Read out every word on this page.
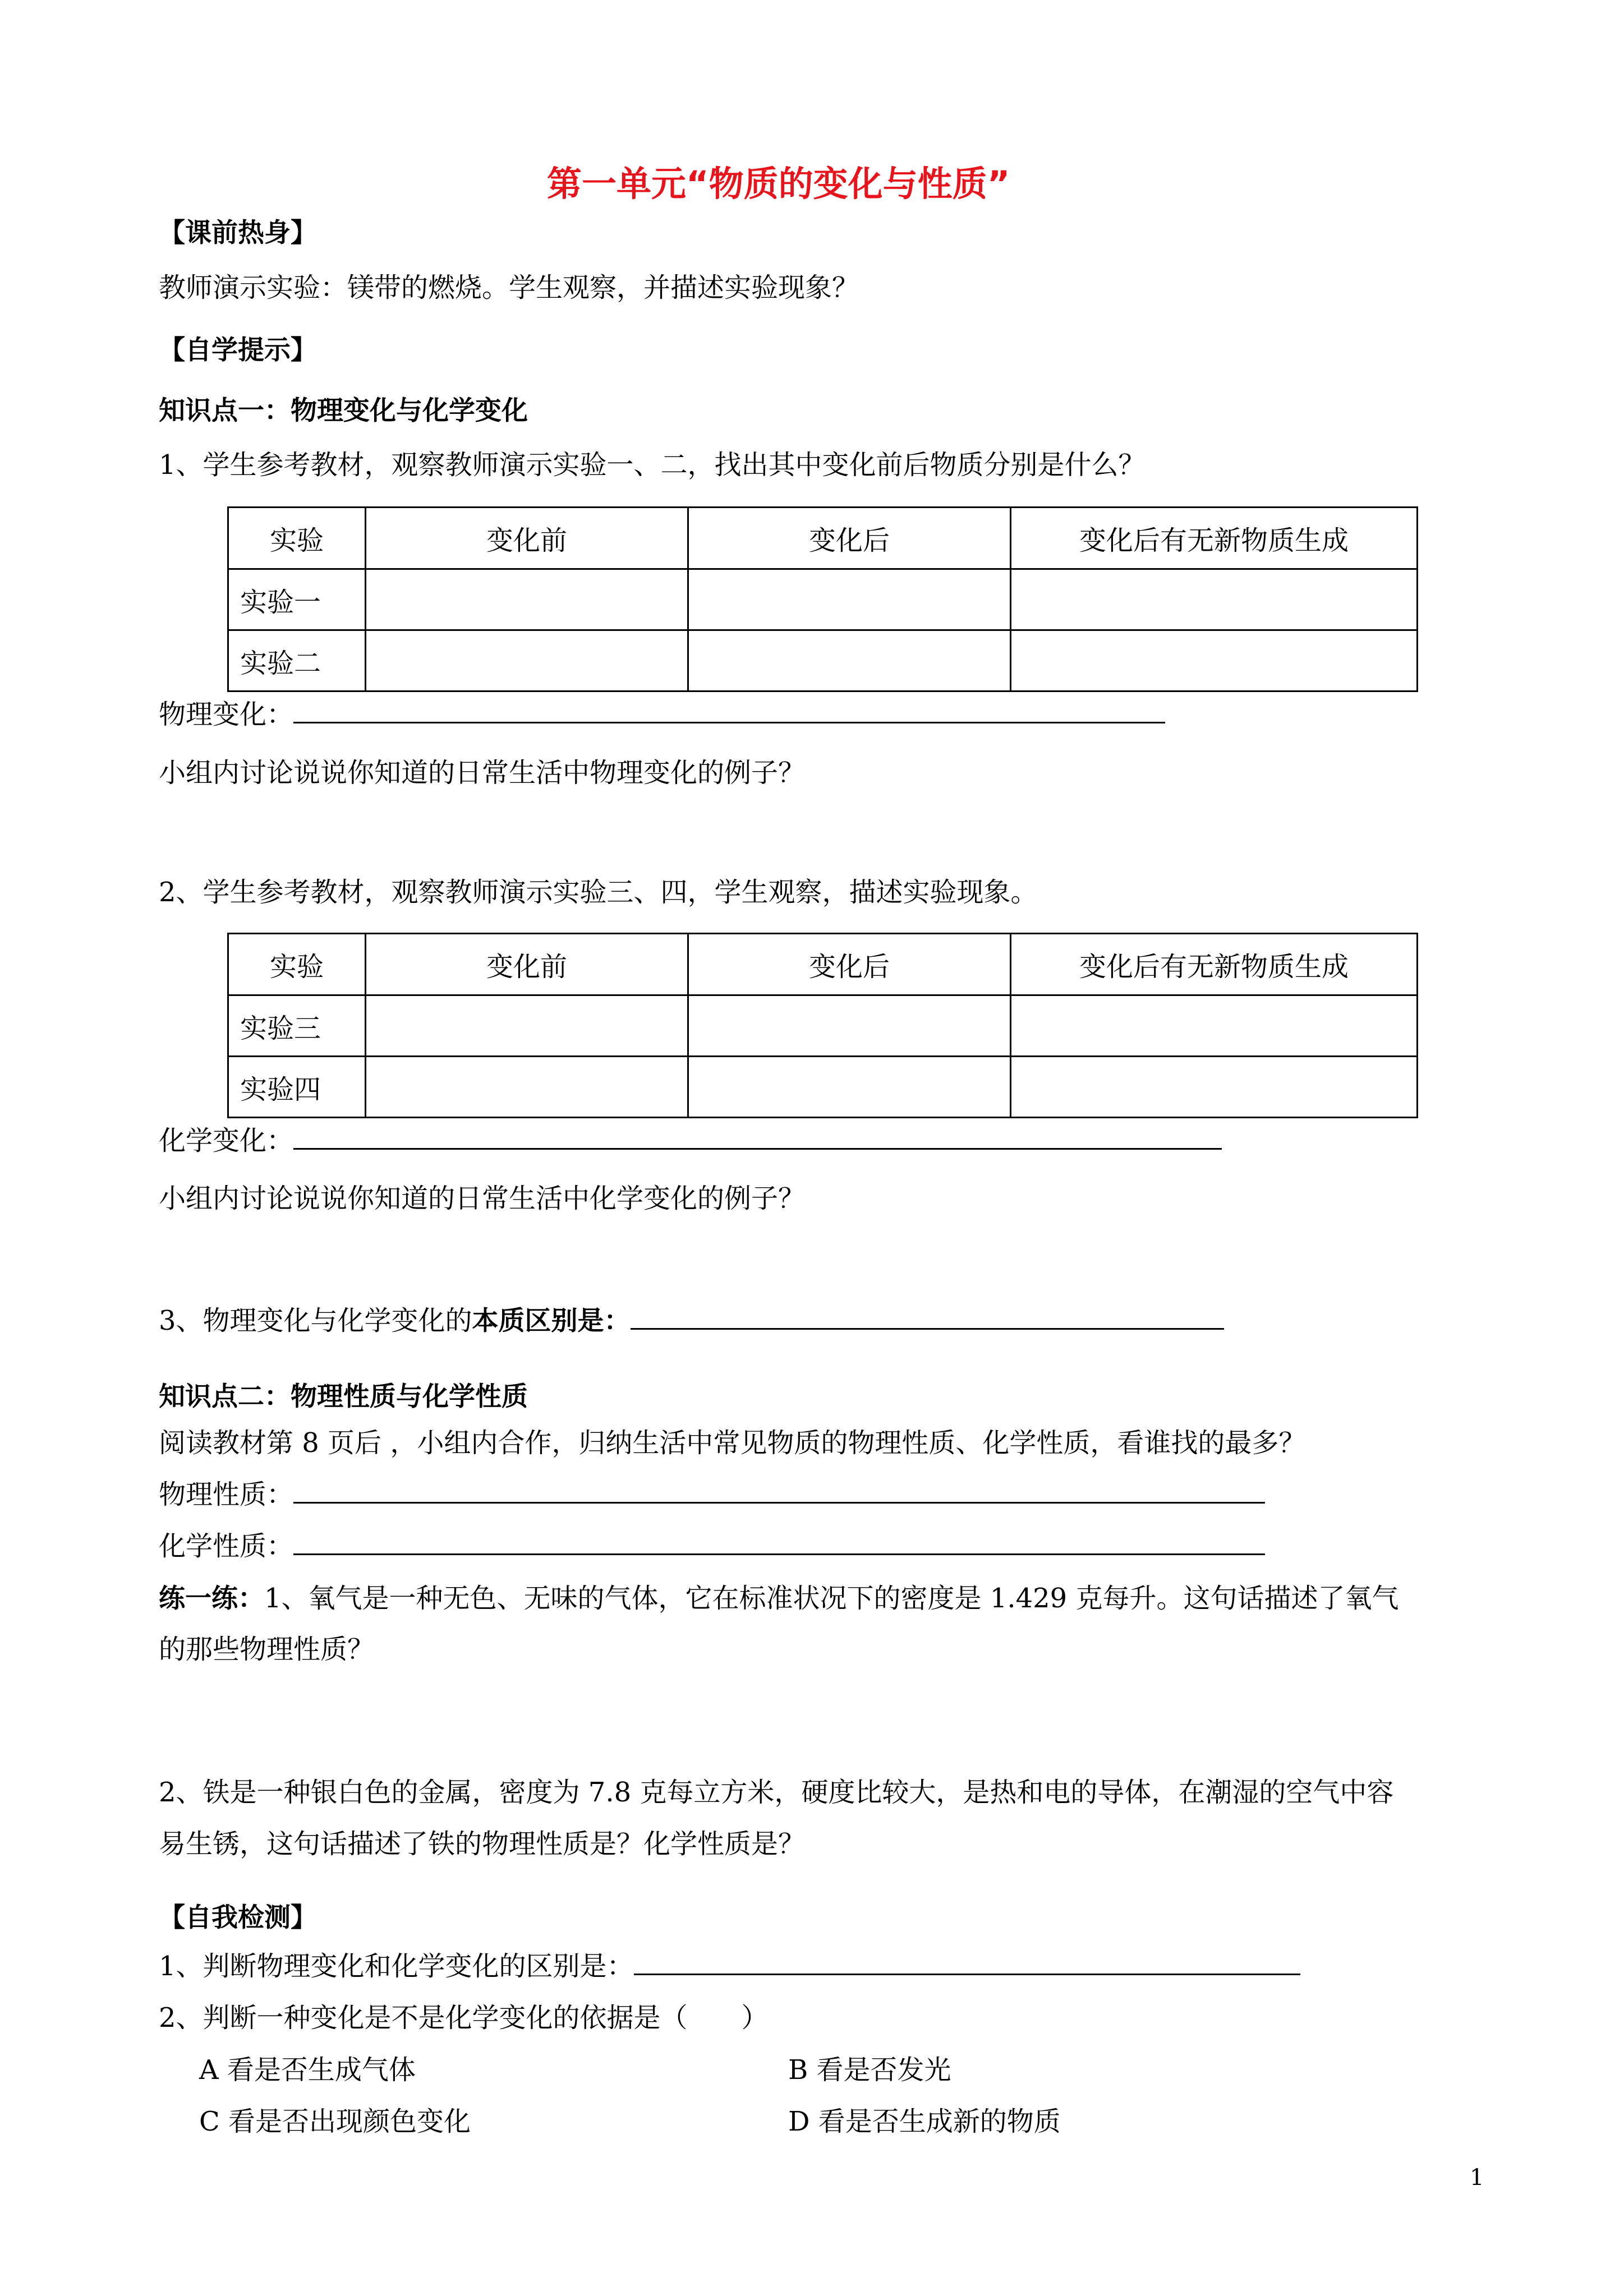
第一单元“物质的变化与性质”
【课前热身】
教师演示实验：镁带的燃烧。学生观察，并描述实验现象？
【自学提示】
知识点一：物理变化与化学变化
1、学生参考教材，观察教师演示实验一、二，找出其中变化前后物质分别是什么？
实验	变化前	变化后	变化后有无新物质生成
实验一			
实验二			
物理变化：
小组内讨论说说你知道的日常生活中物理变化的例子？
2、学生参考教材，观察教师演示实验三、四，学生观察，描述实验现象。
实验	变化前	变化后	变化后有无新物质生成
实验三			
实验四			
化学变化：
小组内讨论说说你知道的日常生活中化学变化的例子？
3、物理变化与化学变化的本质区别是：
知识点二：物理性质与化学性质
阅读教材第 8 页后 ，小组内合作，归纳生活中常见物质的物理性质、化学性质，看谁找的最多？
物理性质：
化学性质：
练一练：1、氧气是一种无色、无味的气体，它在标准状况下的密度是 1.429 克每升。这句话描述了氧气
的那些物理性质？
2、铁是一种银白色的金属，密度为 7.8 克每立方米，硬度比较大，是热和电的导体，在潮湿的空气中容
易生锈，这句话描述了铁的物理性质是？化学性质是？
【自我检测】
1、判断物理变化和化学变化的区别是：
2、判断一种变化是不是化学变化的依据是（　　）
A 看是否生成气体	B 看是否发光
C 看是否出现颜色变化	D 看是否生成新的物质
1
